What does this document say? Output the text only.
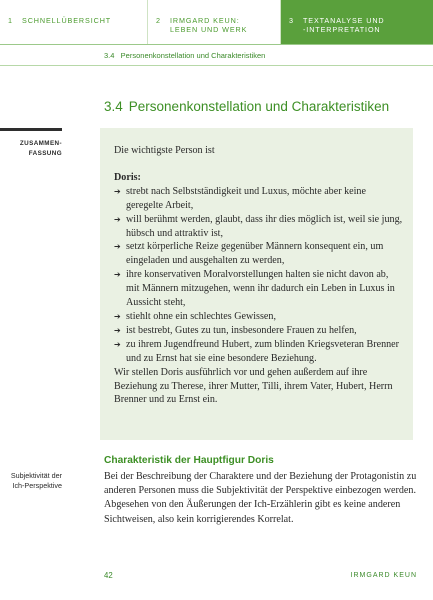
1 SCHNELLÜBERSICHT	2 IRMGARD KEUN:
LEBEN UND WERK
3 TEXTANALYSE UND
-INTERPRETATION
3.4   Personenkonstellation und Charakteristiken
3.4 Personenkonstellation und Charakteristiken
ZUSAMMEN-
FASSUNG	Die wichtigste Person ist

Doris:

➔ strebt nach Selbstständigkeit und Luxus, möchte aber keine geregelte Arbeit,
➔ will berühmt werden, glaubt, dass ihr dies möglich ist, weil sie jung, hübsch und attraktiv ist,
➔ setzt körperliche Reize gegenüber Männern konsequent ein, um eingeladen und ausgehalten zu werden,
➔ ihre konservativen Moralvorstellungen halten sie nicht davon ab, mit Männern mitzugehen, wenn ihr dadurch ein Leben in Luxus in Aussicht steht,
➔ stiehlt ohne ein schlechtes Gewissen,
➔ ist bestrebt, Gutes zu tun, insbesondere Frauen zu helfen,
➔ zu ihrem Jugendfreund Hubert, zum blinden Kriegsveteran Brenner und zu Ernst hat sie eine besondere Beziehung.

Wir stellen Doris ausführlich vor und gehen außerdem auf ihre Beziehung zu Therese, ihrer Mutter, Tilli, ihrem Vater, Hubert, Herrn Brenner und zu Ernst ein.

Charakteristik der Hauptfigur Doris
Subjektivität der Ich-Perspektive

Bei der Beschreibung der Charaktere und der Beziehung der Protagonistin zu anderen Personen muss die Subjektivität der Perspektive einbezogen werden. Abgesehen von den Äußerungen der Ich-Erzählerin gibt es keine anderen Sichtweisen, also kein korrigierendes Korrelat.

42	IRMGARD KEUN
